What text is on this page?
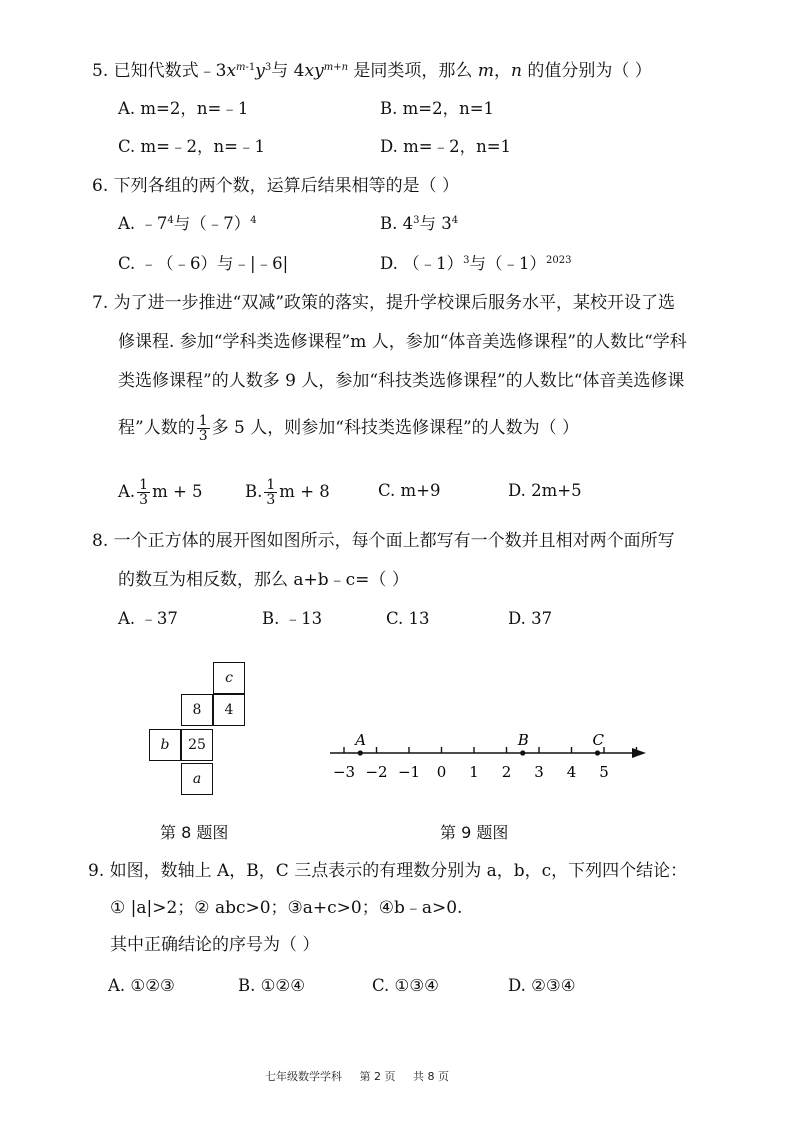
5. 已知代数式$﹣3x^{m-1}y^3$与 $4xy^{m+n}$ 是同类项，那么 m，n 的值分别为（ ）
A. m=2，n=﹣1	B. m=2，n=1
C. m=﹣2，n=﹣1	D. m=﹣2，n=1
6. 下列各组的两个数，运算后结果相等的是（ ）
A. $﹣7^4$与（﹣7）$^4$	B. $4^3$与 $3^4$
C. ﹣（﹣6）与﹣|﹣6|	D. （﹣1）$^3$与（﹣1）$^{2023}$
7. 为了进一步推进“双减”政策的落实，提升学校课后服务水平，某校开设了选
修课程. 参加“学科类选修课程”m 人，参加“体音美选修课程”的人数比“学科
类选修课程”的人数多 9 人，参加“科技类选修课程”的人数比“体音美选修课
程”人数的 $\frac{1}{3}$ 多 5 人，则参加“科技类选修课程”的人数为（ ）
A. $\frac{1}{3}$ m + 5	B. $\frac{1}{3}$ m + 8	C. m+9	D. 2m+5
8. 一个正方体的展开图如图所示，每个面上都写有一个数并且相对两个面所写
的数互为相反数，那么 a+b﹣c=（ ）
A. ﹣37	B. ﹣13	C. 13	D. 37
c
8 4
b 25
a
第 8 题图
−3 −2 −1 0 1 2 3 4 5
A	B	C
第 9 题图
9. 如图，数轴上 A，B，C 三点表示的有理数分别为 a，b，c，下列四个结论：
① |a|>2；② abc>0；③a+c>0；④b﹣a>0.
其中正确结论的序号为（ ）
A. ①②③	B. ①②④	C. ①③④	D. ②③④
七年级数学学科 第 2 页 共 8 页
